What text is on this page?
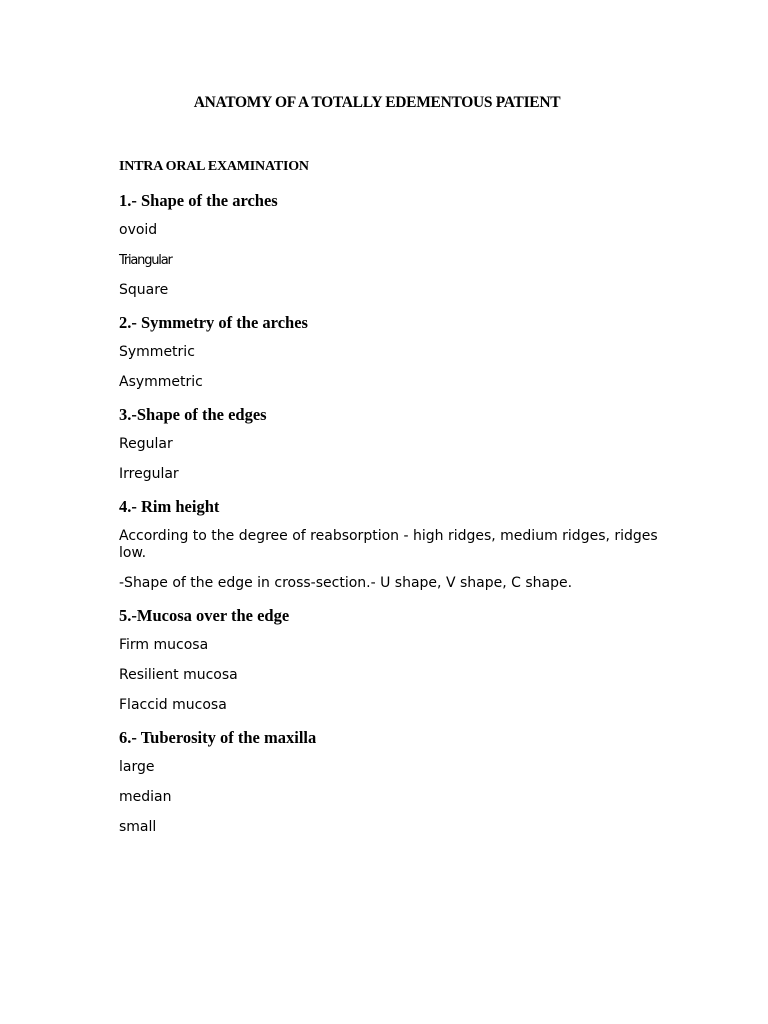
ANATOMY OF A TOTALLY EDEMENTOUS PATIENT

INTRA ORAL EXAMINATION

1.- Shape of the arches

ovoid

Triangular

Square

2.- Symmetry of the arches

Symmetric

Asymmetric

3.-Shape of the edges

Regular

Irregular

4.- Rim height

According to the degree of reabsorption - high ridges, medium ridges, ridges low.

-Shape of the edge in cross-section.- U shape, V shape, C shape.

5.-Mucosa over the edge

Firm mucosa

Resilient mucosa

Flaccid mucosa

6.- Tuberosity of the maxilla

large

median

small
